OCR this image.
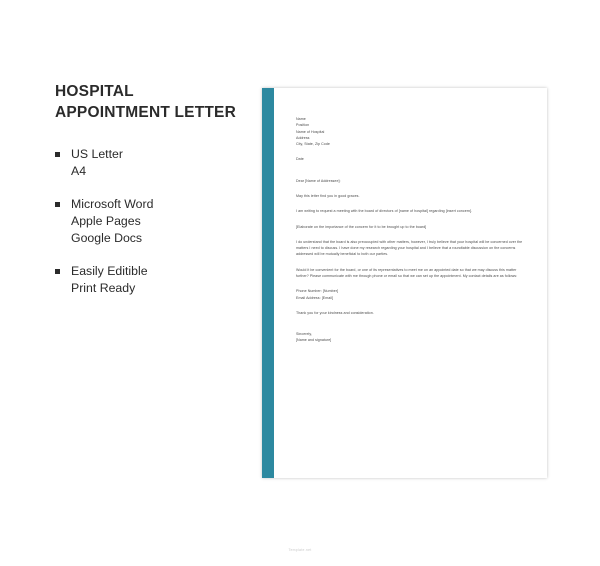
HOSPITAL APPOINTMENT LETTER
US Letter
A4
Microsoft Word
Apple Pages
Google Docs
Easily Editible
Print Ready

Name

Position

Name of Hospital

Address

City, State, Zip Code

Date

Dear [Name of Addressee]:

May this letter find you in good graces.

I am writing to request a meeting with the board of directors of [name of hospital] regarding [insert concern].

[Elaborate on the importance of the concern for it to be brought up to the board]

I do understand that the board is also preoccupied with other matters, however, I truly believe that your hospital will be concerned over the matters I need to discuss. I have done my research regarding your hospital and I believe that a roundtable discussion on the concerns addressed will be mutually beneficial to both our parties.

Would it be convenient for the board, or one of its representatives to meet me on an appointed date so that we may discuss this matter further? Please communicate with me through phone or email so that we can set up the appointment. My contact details are as follows:

Phone Number: [Number]

Email Address: [Email]

Thank you for your kindness and consideration.

Sincerely,

[Name and signature]

Template.net
